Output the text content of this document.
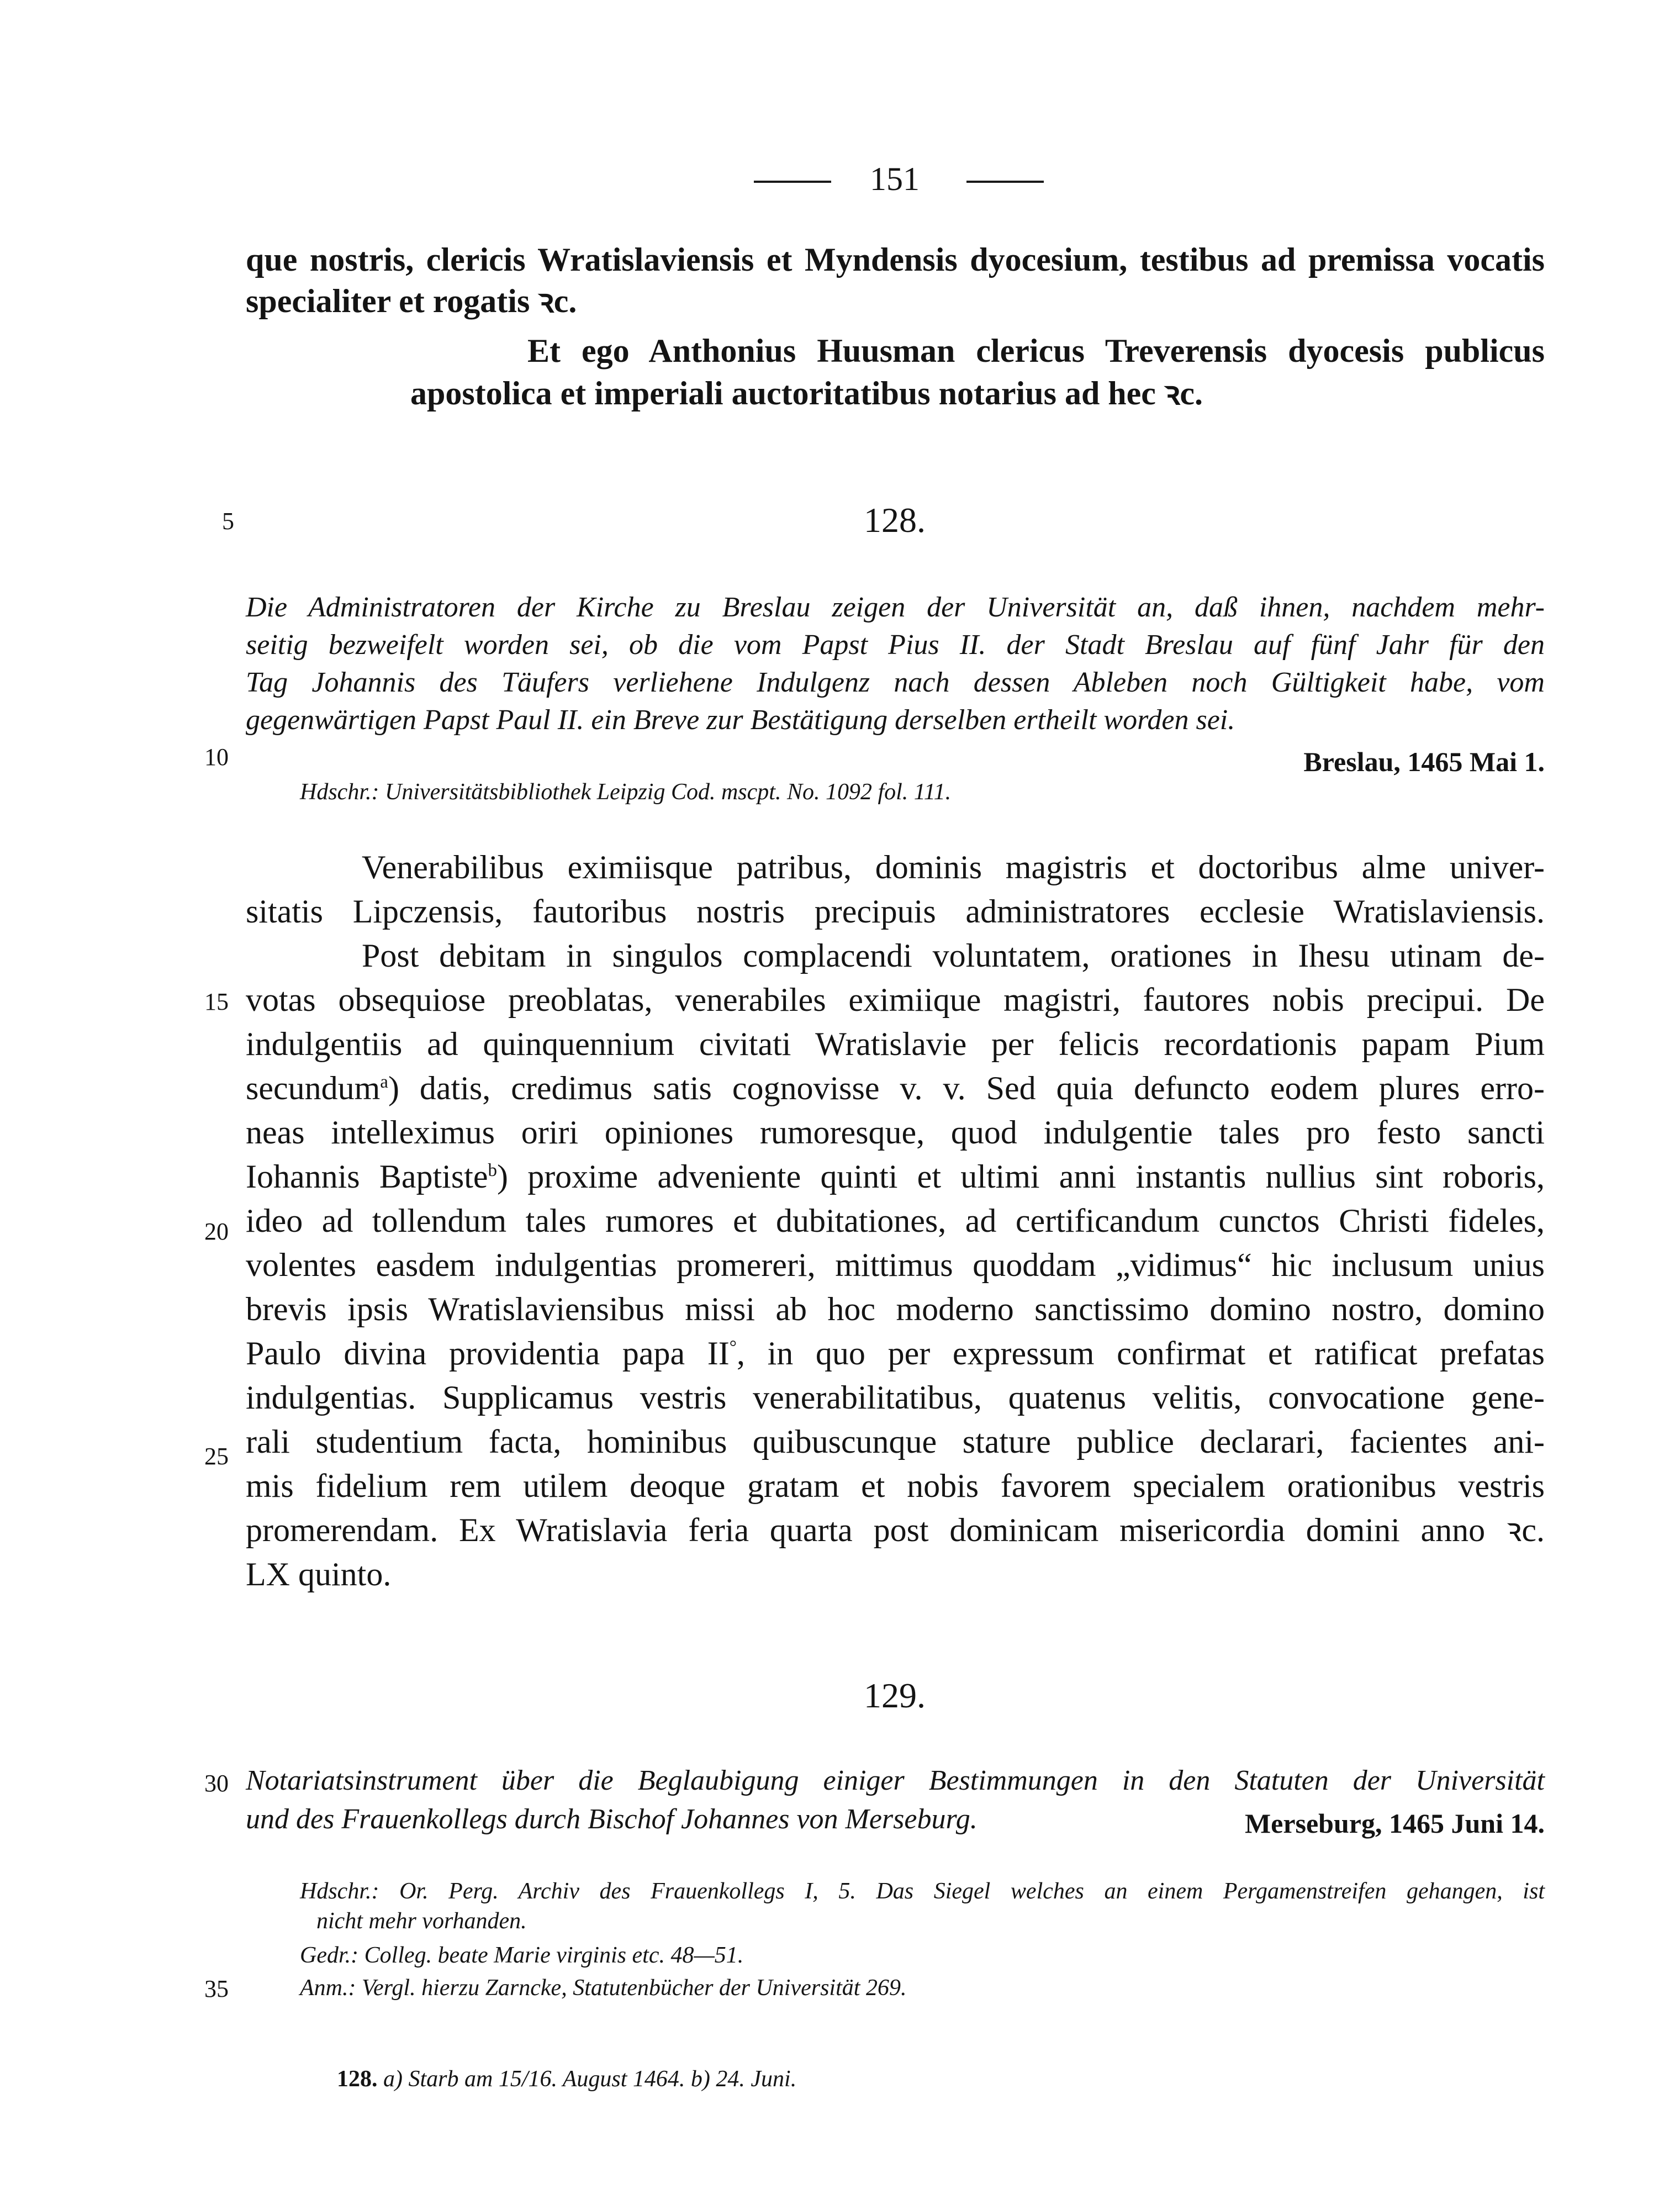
151
que nostris, clericis Wratislaviensis et Myndensis dyocesium, testibus ad premissa vocatis
specialiter et rogatis ꝛc.
Et ego Anthonius Huusman clericus Treverensis dyocesis publicus
apostolica et imperiali auctoritatibus notarius ad hec ꝛc.
5
10
15
20
25
30
35
128.
Die Administratoren der Kirche zu Breslau zeigen der Universität an, daß ihnen, nachdem mehr-
seitig bezweifelt worden sei, ob die vom Papst Pius II. der Stadt Breslau auf fünf Jahr für den
Tag Johannis des Täufers verliehene Indulgenz nach dessen Ableben noch Gültigkeit habe, vom
gegenwärtigen Papst Paul II. ein Breve zur Bestätigung derselben ertheilt worden sei.
Breslau, 1465 Mai 1.
Hdschr.: Universitätsbibliothek Leipzig Cod. mscpt. No. 1092 fol. 111.
Venerabilibus eximiisque patribus, dominis magistris et doctoribus alme univer-
sitatis Lipczensis, fautoribus nostris precipuis administratores ecclesie Wratislaviensis.
Post debitam in singulos complacendi voluntatem, orationes in Ihesu utinam de-
votas obsequiose preoblatas, venerabiles eximiique magistri, fautores nobis precipui. De
indulgentiis ad quinquennium civitati Wratislavie per felicis recordationis papam Pium
secundum$^a$) datis, credimus satis cognovisse v. v. Sed quia defuncto eodem plures erro-
neas intelleximus oriri opiniones rumoresque, quod indulgentie tales pro festo sancti
Iohannis Baptiste$^b$) proxime adveniente quinti et ultimi anni instantis nullius sint roboris,
ideo ad tollendum tales rumores et dubitationes, ad certificandum cunctos Christi fideles,
volentes easdem indulgentias promereri, mittimus quoddam „vidimus“ hic inclusum unius
brevis ipsis Wratislaviensibus missi ab hoc moderno sanctissimo domino nostro, domino
Paulo divina providentia papa II°, in quo per expressum confirmat et ratificat prefatas
indulgentias. Supplicamus vestris venerabilitatibus, quatenus velitis, convocatione gene-
rali studentium facta, hominibus quibuscunque stature publice declarari, facientes ani-
mis fidelium rem utilem deoque gratam et nobis favorem specialem orationibus vestris
promerendam. Ex Wratislavia feria quarta post dominicam misericordia domini anno ꝛc.
LX quinto.
129.
Notariatsinstrument über die Beglaubigung einiger Bestimmungen in den Statuten der Universität
und des Frauenkollegs durch Bischof Johannes von Merseburg.	Merseburg, 1465 Juni 14.
Hdschr.: Or. Perg. Archiv des Frauenkollegs I, 5. Das Siegel welches an einem Pergamenstreifen gehangen, ist
nicht mehr vorhanden.
Gedr.: Colleg. beate Marie virginis etc. 48—51.
Anm.: Vergl. hierzu Zarncke, Statutenbücher der Universität 269.
128. a) Starb am 15/16. August 1464. b) 24. Juni.
